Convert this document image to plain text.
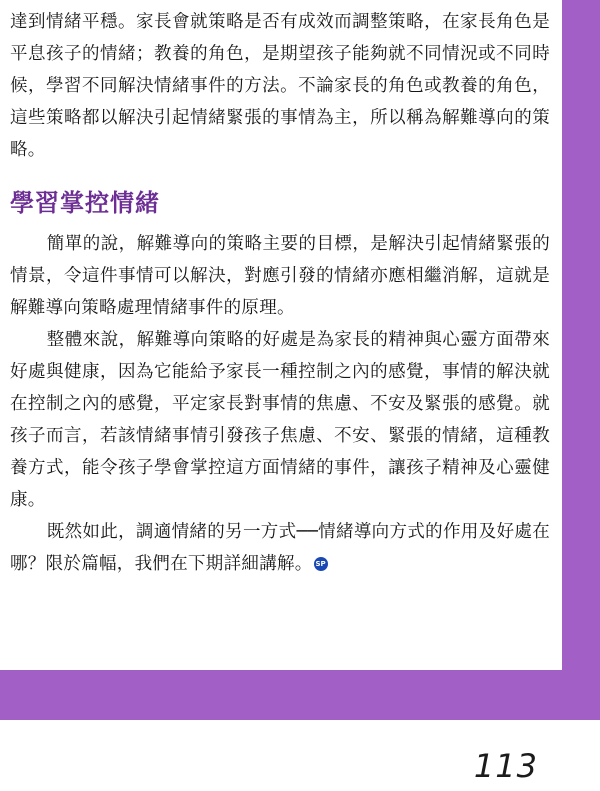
達到情緒平穩。家長會就策略是否有成效而調整策略，在家長角色是平息孩子的情緒；教養的角色，是期望孩子能夠就不同情況或不同時候，學習不同解決情緒事件的方法。不論家長的角色或教養的角色，這些策略都以解決引起情緒緊張的事情為主，所以稱為解難導向的策略。

學習掌控情緒

簡單的說，解難導向的策略主要的目標，是解決引起情緒緊張的情景，令這件事情可以解決，對應引發的情緒亦應相繼消解，這就是解難導向策略處理情緒事件的原理。

整體來說，解難導向策略的好處是為家長的精神與心靈方面帶來好處與健康，因為它能給予家長一種控制之內的感覺，事情的解決就在控制之內的感覺，平定家長對事情的焦慮、不安及緊張的感覺。就孩子而言，若該情緒事情引發孩子焦慮、不安、緊張的情緒，這種教養方式，能令孩子學會掌控這方面情緒的事件，讓孩子精神及心靈健康。

既然如此，調適情緒的另一方式──情緒導向方式的作用及好處在哪？限於篇幅，我們在下期詳細講解。 SP

113
